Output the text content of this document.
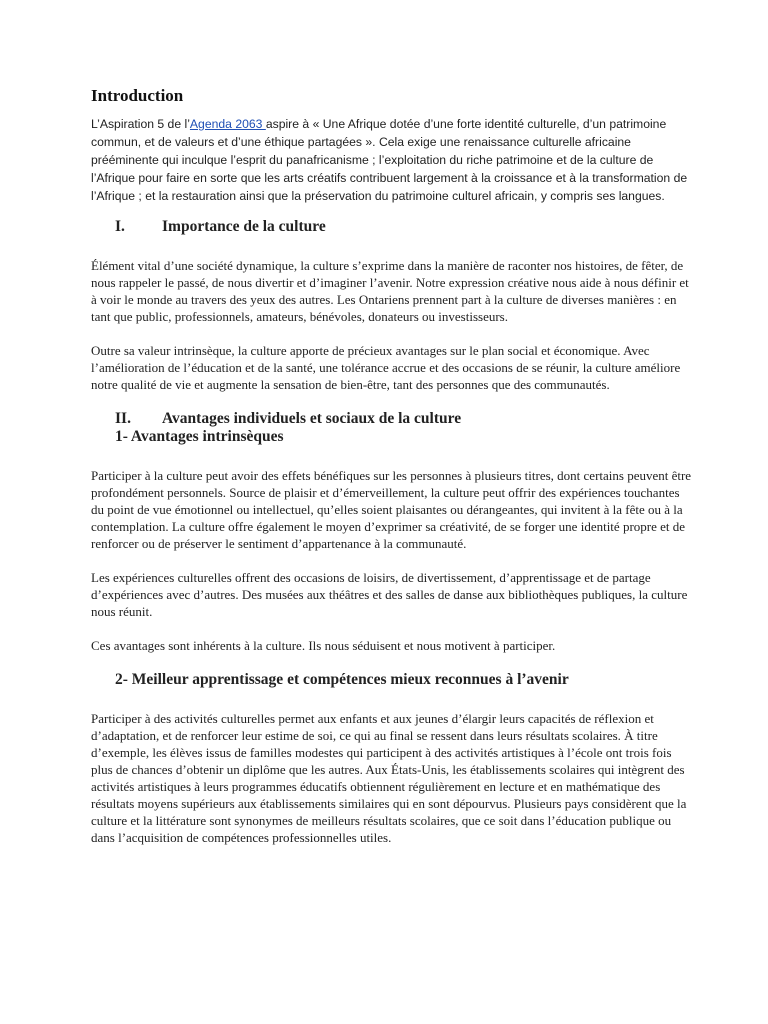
Introduction

L’Aspiration 5 de l’Agenda 2063 aspire à « Une Afrique dotée d’une forte identité culturelle, d’un patrimoine commun, et de valeurs et d’une éthique partagées ». Cela exige une renaissance culturelle africaine prééminente qui inculque l’esprit du panafricanisme ; l’exploitation du riche patrimoine et de la culture de l’Afrique pour faire en sorte que les arts créatifs contribuent largement à la croissance et à la transformation de l’Afrique ; et la restauration ainsi que la préservation du patrimoine culturel africain, y compris ses langues.

I.	Importance de la culture

Élément vital d’une société dynamique, la culture s’exprime dans la manière de raconter nos histoires, de fêter, de nous rappeler le passé, de nous divertir et d’imaginer l’avenir. Notre expression créative nous aide à nous définir et à voir le monde au travers des yeux des autres. Les Ontariens prennent part à la culture de diverses manières : en tant que public, professionnels, amateurs, bénévoles, donateurs ou investisseurs.

Outre sa valeur intrinsèque, la culture apporte de précieux avantages sur le plan social et économique. Avec l’amélioration de l’éducation et de la santé, une tolérance accrue et des occasions de se réunir, la culture améliore notre qualité de vie et augmente la sensation de bien-être, tant des personnes que des communautés.

II.	Avantages individuels et sociaux de la culture
1- Avantages intrinsèques

Participer à la culture peut avoir des effets bénéfiques sur les personnes à plusieurs titres, dont certains peuvent être profondément personnels. Source de plaisir et d’émerveillement, la culture peut offrir des expériences touchantes du point de vue émotionnel ou intellectuel, qu’elles soient plaisantes ou dérangeantes, qui invitent à la fête ou à la contemplation. La culture offre également le moyen d’exprimer sa créativité, de se forger une identité propre et de renforcer ou de préserver le sentiment d’appartenance à la communauté.

Les expériences culturelles offrent des occasions de loisirs, de divertissement, d’apprentissage et de partage d’expériences avec d’autres. Des musées aux théâtres et des salles de danse aux bibliothèques publiques, la culture nous réunit.

Ces avantages sont inhérents à la culture. Ils nous séduisent et nous motivent à participer.

2- Meilleur apprentissage et compétences mieux reconnues à l’avenir

Participer à des activités culturelles permet aux enfants et aux jeunes d’élargir leurs capacités de réflexion et d’adaptation, et de renforcer leur estime de soi, ce qui au final se ressent dans leurs résultats scolaires. À titre d’exemple, les élèves issus de familles modestes qui participent à des activités artistiques à l’école ont trois fois plus de chances d’obtenir un diplôme que les autres. Aux États-Unis, les établissements scolaires qui intègrent des activités artistiques à leurs programmes éducatifs obtiennent régulièrement en lecture et en mathématique des résultats moyens supérieurs aux établissements similaires qui en sont dépourvus. Plusieurs pays considèrent que la culture et la littérature sont synonymes de meilleurs résultats scolaires, que ce soit dans l’éducation publique ou dans l’acquisition de compétences professionnelles utiles.
